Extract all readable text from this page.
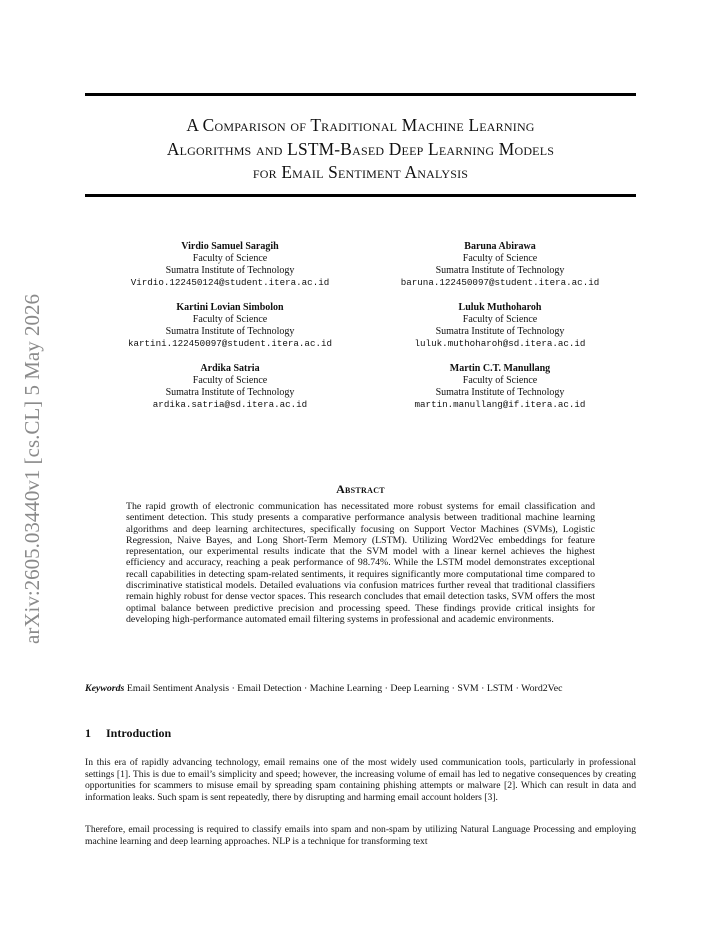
arXiv:2605.03440v1 [cs.CL] 5 May 2026
A Comparison of Traditional Machine Learning
Algorithms and LSTM-Based Deep Learning Models
for Email Sentiment Analysis
Virdio Samuel Saragih
Faculty of Science
Sumatra Institute of Technology
Virdio.122450124@student.itera.ac.id
Baruna Abirawa
Faculty of Science
Sumatra Institute of Technology
baruna.122450097@student.itera.ac.id
Kartini Lovian Simbolon
Faculty of Science
Sumatra Institute of Technology
kartini.122450097@student.itera.ac.id
Luluk Muthoharoh
Faculty of Science
Sumatra Institute of Technology
luluk.muthoharoh@sd.itera.ac.id
Ardika Satria
Faculty of Science
Sumatra Institute of Technology
ardika.satria@sd.itera.ac.id
Martin C.T. Manullang
Faculty of Science
Sumatra Institute of Technology
martin.manullang@if.itera.ac.id
Abstract
The rapid growth of electronic communication has necessitated more robust systems for email classification and sentiment detection. This study presents a comparative performance analysis between traditional machine learning algorithms and deep learning architectures, specifically focusing on Support Vector Machines (SVMs), Logistic Regression, Naive Bayes, and Long Short-Term Memory (LSTM). Utilizing Word2Vec embeddings for feature representation, our experimental results indicate that the SVM model with a linear kernel achieves the highest efficiency and accuracy, reaching a peak performance of 98.74%. While the LSTM model demonstrates exceptional recall capabilities in detecting spam-related sentiments, it requires significantly more computational time compared to discriminative statistical models. Detailed evaluations via confusion matrices further reveal that traditional classifiers remain highly robust for dense vector spaces. This research concludes that email detection tasks, SVM offers the most optimal balance between predictive precision and processing speed. These findings provide critical insights for developing high-performance automated email filtering systems in professional and academic environments.
Keywords Email Sentiment Analysis · Email Detection · Machine Learning · Deep Learning · SVM · LSTM · Word2Vec
1 Introduction
In this era of rapidly advancing technology, email remains one of the most widely used communication tools, particularly in professional settings [1]. This is due to email’s simplicity and speed; however, the increasing volume of email has led to negative consequences by creating opportunities for scammers to misuse email by spreading spam containing phishing attempts or malware [2]. Which can result in data and information leaks. Such spam is sent repeatedly, there by disrupting and harming email account holders [3].
Therefore, email processing is required to classify emails into spam and non-spam by utilizing Natural Language Processing and employing machine learning and deep learning approaches. NLP is a technique for transforming text
